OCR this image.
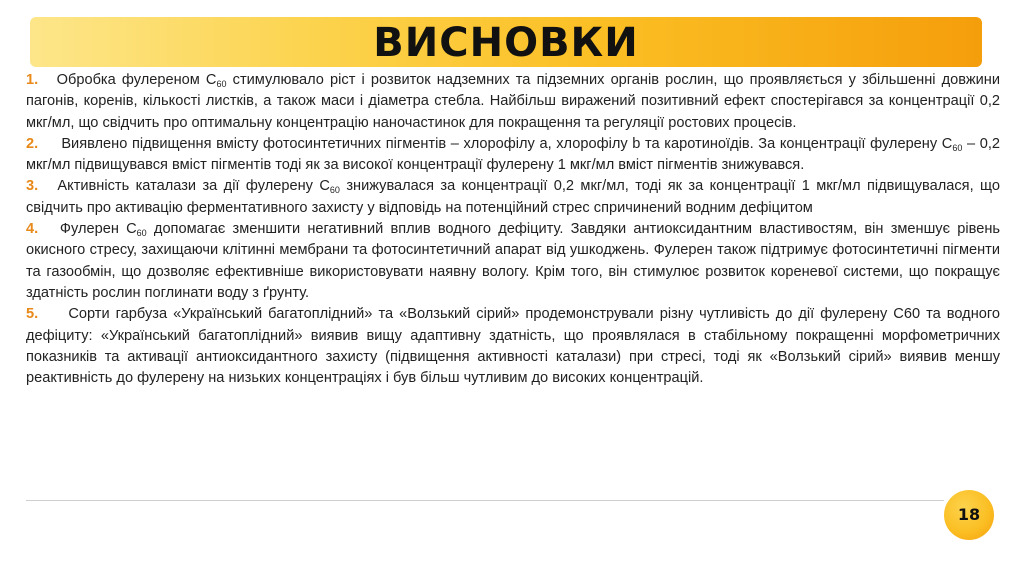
ВИСНОВКИ

1. Обробка фулереном $С_{60}$ стимулювало ріст і розвиток надземних та підземних органів рослин, що проявляється у збільшенні довжини пагонів, коренів, кількості листків, а також маси і діаметра стебла. Найбільш виражений позитивний ефект спостерігався за концентрації 0,2 мкг/мл, що свідчить про оптимальну концентрацію наночастинок для покращення та регуляції ростових процесів.

2. Виявлено підвищення вмісту фотосинтетичних пігментів – хлорофілу а, хлорофілу b та каротиноїдів. За концентрації фулерену $С_{60} - 0,2$ мкг/мл підвищувався вміст пігментів тоді як за високої концентрації фулерену 1 мкг/мл вміст пігментів знижувався.

3. Активність каталази за дії фулерену $С_{60}$ знижувалася за концентрації 0,2 мкг/мл, тоді як за концентрації 1 мкг/мл підвищувалася, що свідчить про активацію ферментативного захисту у відповідь на потенційний стрес спричинений водним дефіцитом

4. Фулерен $С_{60}$ допомагає зменшити негативний вплив водного дефіциту. Завдяки антиоксидантним властивостям, він зменшує рівень окисного стресу, захищаючи клітинні мембрани та фотосинтетичний апарат від ушкоджень. Фулерен також підтримує фотосинтетичні пігменти та газообмін, що дозволяє ефективніше використовувати наявну вологу. Крім того, він стимулює розвиток кореневої системи, що покращує здатність рослин поглинати воду з ґрунту.

5. Сорти гарбуза «Український багатоплідний» та «Волзький сірий» продемонстрували різну чутливість до дії фулерену С60 та водного дефіциту: «Український багатоплідний» виявив вищу адаптивну здатність, що проявлялася в стабільному покращенні морфометричних показників та активації антиоксидантного захисту (підвищення активності каталази) при стресі, тоді як «Волзький сірий» виявив меншу реактивність до фулерену на низьких концентраціях і був більш чутливим до високих концентрацій.

18
